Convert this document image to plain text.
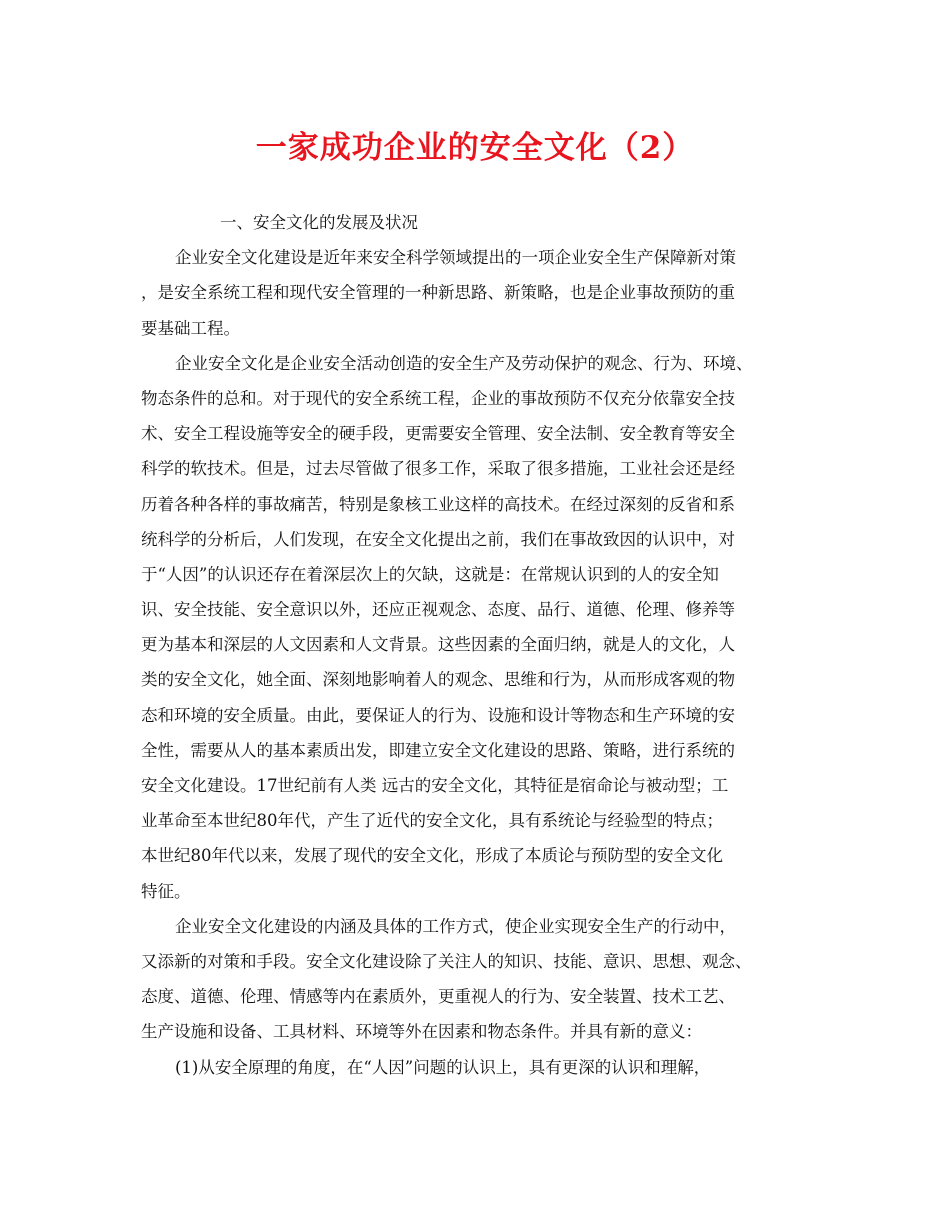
一家成功企业的安全文化（2）

一、安全文化的发展及状况

企业安全文化建设是近年来安全科学领域提出的一项企业安全生产保障新对策
，是安全系统工程和现代安全管理的一种新思路、新策略，也是企业事故预防的重
要基础工程。

企业安全文化是企业安全活动创造的安全生产及劳动保护的观念、行为、环境、
物态条件的总和。对于现代的安全系统工程，企业的事故预防不仅充分依靠安全技
术、安全工程设施等安全的硬手段，更需要安全管理、安全法制、安全教育等安全
科学的软技术。但是，过去尽管做了很多工作，采取了很多措施，工业社会还是经
历着各种各样的事故痛苦，特别是象核工业这样的高技术。在经过深刻的反省和系
统科学的分析后，人们发现，在安全文化提出之前，我们在事故致因的认识中，对
于“人因”的认识还存在着深层次上的欠缺，这就是：在常规认识到的人的安全知
识、安全技能、安全意识以外，还应正视观念、态度、品行、道德、伦理、修养等
更为基本和深层的人文因素和人文背景。这些因素的全面归纳，就是人的文化，人
类的安全文化，她全面、深刻地影响着人的观念、思维和行为，从而形成客观的物
态和环境的安全质量。由此，要保证人的行为、设施和设计等物态和生产环境的安
全性，需要从人的基本素质出发，即建立安全文化建设的思路、策略，进行系统的
安全文化建设。17世纪前有人类 远古的安全文化，其特征是宿命论与被动型；工
业革命至本世纪80年代，产生了近代的安全文化，具有系统论与经验型的特点；
本世纪80年代以来，发展了现代的安全文化，形成了本质论与预防型的安全文化
特征。

企业安全文化建设的内涵及具体的工作方式，使企业实现安全生产的行动中，
又添新的对策和手段。安全文化建设除了关注人的知识、技能、意识、思想、观念、
态度、道德、伦理、情感等内在素质外，更重视人的行为、安全装置、技术工艺、
生产设施和设备、工具材料、环境等外在因素和物态条件。并具有新的意义：

(1)从安全原理的角度，在“人因”问题的认识上，具有更深的认识和理解，
